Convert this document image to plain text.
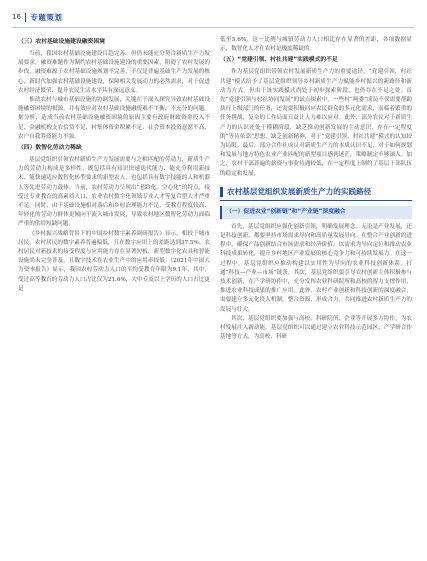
16 专题策划
（三）农村基础设施建设融资困境

当前，我国农村基础设施建设目趋完善，但仍未能充分契合新质生产力发展要求。融资难题作为制约农村基础设施建设的重要因素，阻碍了农村发展的步伐。融资难源于农村基础设施规划不完善，不仅是普遍基础生产力发展的核心，新时代加强农村基础设施建设，保障相关发展动力的必然需求，对于促进农村经济繁荣、提升农民生活水平具有深远意义。

推动农村与城市基础设施的协调发展，关键在于深入探究导致农村基础设施融资困境的根源，并有效应对农村基础设施融资难不平衡、不充分的问题。据分析，造成当前农村基础设施融资困境的原因主要有政府财政资金投入不足、金融机构支农信贷不足、村集体资金积累不足、社会资本投资意愿不高、农户自我筹资能力不强。

（四）数智化劳动力稀缺

基层党组织引领农村新质生产力发展需要与之相匹配的劳动力，新质生产力的劳动力构成是多样性，既包括具有知识快速迭代能力、能充分利用新技术、能快速适应数智化转型要求的新型农人，也包括具有数字技能的人和机器人等先进劳动力载体。当前，农村劳动力呈现出“老龄化、空心化”的特点，接受过专业教育的高素质人口、农业农村数字化领域专业人才等复合型人才严重不足。同时，由于基础设施相对落后和乡村治理能力不足，受教育程度较高、年轻化的劳动力群体更倾向于流入城市发展，导致农村地区数智化劳动力面临严重的供给短缺问题。

《乡村振兴战略背景下的中国乡村数字素养调研报告》显示，相较于城市居民，农村居民的数字素养普遍偏低，且在数字应用上的差距达到37.5%。农村居民对新技术的接受程度与应用能力存在显著短板，新型数字化农具和智能设施尚未完全普及，且数字技术在农业生产中的应用率较低。《2021年中国人力资本报告》显示，我国农村劳动力人口的平均受教育年限为9.1年，其中，受过高等教育的劳动力人口占比仅为21.6%，大中专及以上学历的人口占比更是

低至5.6%，这一比例与城镇劳动力人口相比存在显著的差距，各项数据显示，数智化人才在农村是极度稀缺的。

（五）“党建引领、村社共建”实践模式的不足

作为基层党组织带领农村发展新质生产力的重要途径，“党建引领，村社共建”模式给予了基层党组织领导乡村新质生产力赋能乡村振兴的新路径和新动力方式。但由于该实践模式尚处于初步探索阶段，也仍存在不足之处。首先“党建引领与村社协同发展”的试点探索中，一些村“两委”成员不仅需要帮助执行上级部门的任务，还需要积极回应农民群众的多元化需求，而临着繁重的任务挑战，复杂的工作局面日益让人力难以应对。此外，部分农民对于新质生产力的认识还处于模糊阶段，缺乏推动创新发展的主动意识，存在一定程度的“等待依靠”思想，缺乏创新精神，对于“党建引领、村社共建”模式的认知较为局限。最后，部分合作社成员对新质生产力的本质认识不足，对于如何规划和发展与地方特色农业产业匹配的新型项目感到迷茫，策略制定不够深入。加之，农村干部普遍的薪资与事业待遇较低，在一定程度上制约了基层干部队伍的稳定和发展。

农村基层党组织发展新质生产力的实践路径
（一）促进农业“创新链”和“产业链”深度融合

首先，基层党组织应强化创新引领，明确发展理念。无论是产业发展，还是科技创新，都要坚持市场需求导向和高质量发展导向。在整合产业创新的进程中，确保产品创新结合市场需求和经济价值，以需求为导向定位和推动农业科技成果转化，提升乡村地区产业发展的核心竞争力和可持续发展力。在这一过程中，基层党组织应推动构建以实用性为导向的农业科技创新体系，打通“科技—产业—市场”链条。其次，基层党组织要引导农村创新主体积极参与技术创新，在产学研协作中，充分发挥农业科研院所和高校的智力支撑作用，推进农业科技成果的推广应用。此外，农村产业创新和科技创新的深度融合，需要建立多元化投入机制，整合资源，形成合力，共同推进农村新质生产力的发展与壮大。

其次，基层党组织要加强与高校、科研院所、企业等开展多方协作，为农村发展注入新动能。基层党组织可以通过建立农业科技示范园区、产学研合作基地等方式，为高校、科研
